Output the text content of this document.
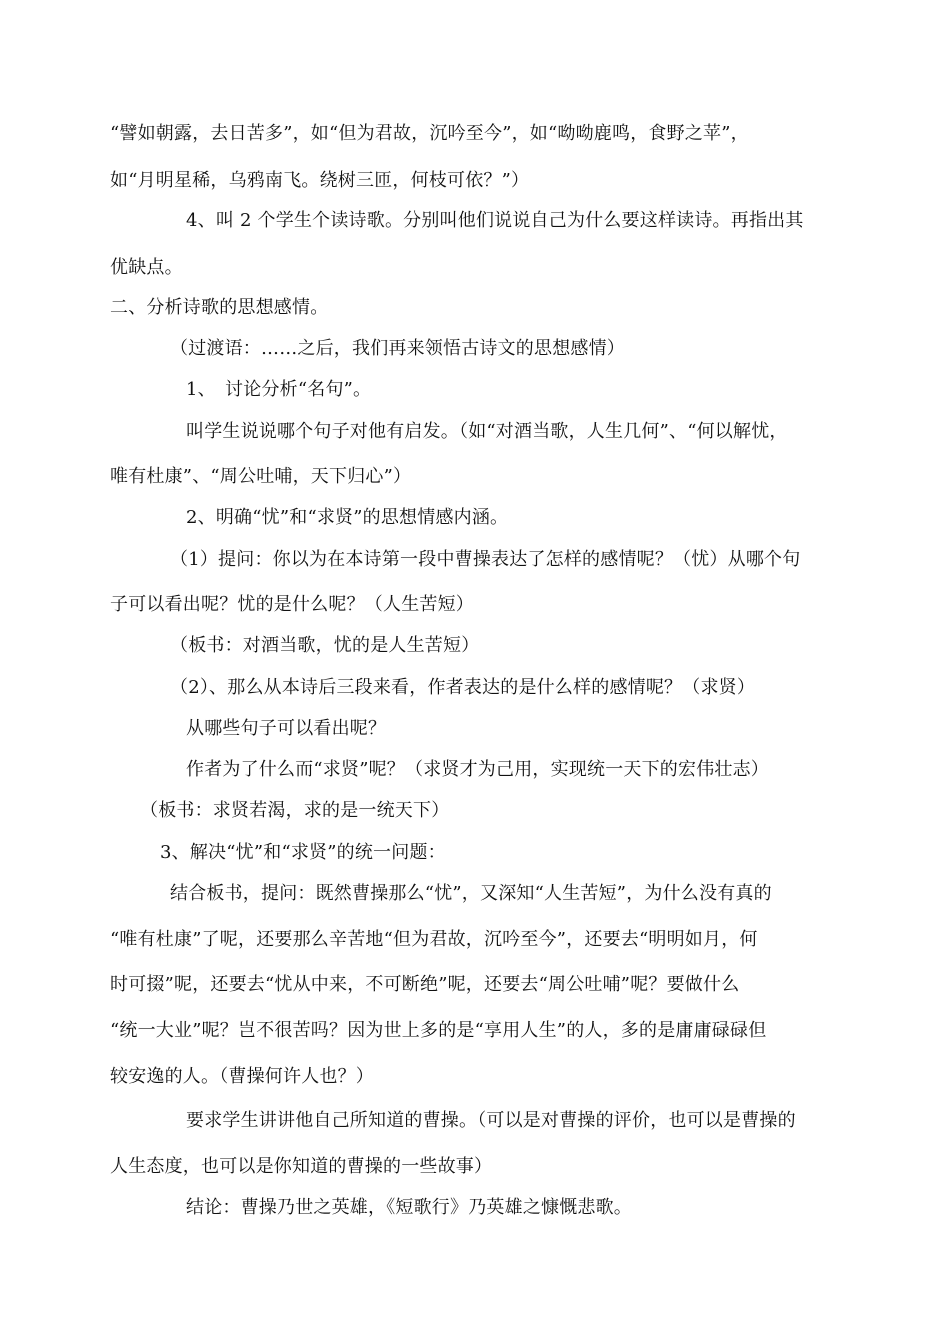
“譬如朝露，去日苦多”，如“但为君故，沉吟至今”，如“呦呦鹿鸣，食野之苹”，
如“月明星稀，乌鸦南飞。绕树三匝，何枝可依？”）
4、叫 2 个学生个读诗歌。分别叫他们说说自己为什么要这样读诗。再指出其
优缺点。
二、分析诗歌的思想感情。
（过渡语：……之后，我们再来领悟古诗文的思想感情）
1、　讨论分析“名句”。
叫学生说说哪个句子对他有启发。（如“对酒当歌，人生几何”、“何以解忧，
唯有杜康”、“周公吐哺，天下归心”）
2、明确“忧”和“求贤”的思想情感内涵。
（1）提问：你以为在本诗第一段中曹操表达了怎样的感情呢？（忧）从哪个句
子可以看出呢？忧的是什么呢？（人生苦短）
（板书：对酒当歌，忧的是人生苦短）
（2）、那么从本诗后三段来看，作者表达的是什么样的感情呢？（求贤）
从哪些句子可以看出呢？
作者为了什么而“求贤”呢？（求贤才为己用，实现统一天下的宏伟壮志）
（板书：求贤若渴，求的是一统天下）
3、解决“忧”和“求贤”的统一问题：
结合板书，提问：既然曹操那么“忧”，又深知“人生苦短”，为什么没有真的
“唯有杜康”了呢，还要那么辛苦地“但为君故，沉吟至今”，还要去“明明如月，何
时可掇”呢，还要去“忧从中来，不可断绝”呢，还要去“周公吐哺”呢？要做什么
“统一大业”呢？岂不很苦吗？因为世上多的是“享用人生”的人，多的是庸庸碌碌但
较安逸的人。（曹操何许人也？）
要求学生讲讲他自己所知道的曹操。（可以是对曹操的评价，也可以是曹操的
人生态度，也可以是你知道的曹操的一些故事）
结论：曹操乃世之英雄，《短歌行》乃英雄之慷慨悲歌。
